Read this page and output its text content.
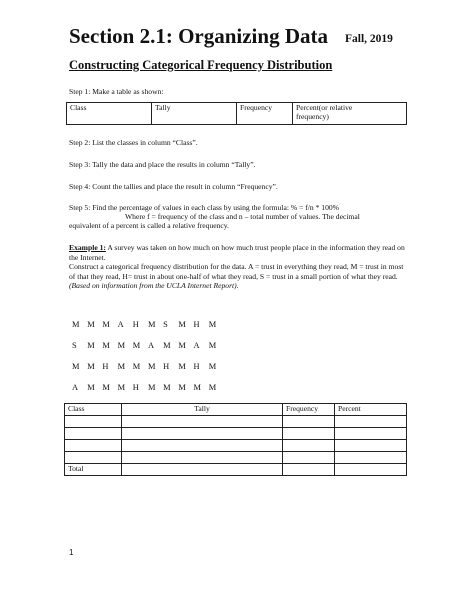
Section 2.1: Organizing Data Fall, 2019
Constructing Categorical Frequency Distribution
Step 1: Make a table as shown:
Class	Tally	Frequency	Percent(or relative
frequency)
Step 2: List the classes in column “Class”.
Step 3: Tally the data and place the results in column “Tally”.
Step 4: Count the tallies and place the result in column “Frequency”.
Step 5: Find the percentage of values in each class by using the formula: % = f/n * 100%
Where f = frequency of the class and n – total number of values. The decimal
equivalent of a percent is called a relative frequency.
Example 1: A survey was taken on how much on how much trust people place in the information they read on the Internet.
Construct a categorical frequency distribution for the data. A = trust in everything they read, M = trust in most of that they read, H= trust in about one-half of what they read, S = trust in a small portion of what they read. (Based on information from the UCLA Internet Report).
M M M A H M S M H M
S M M M M A M M A M
M M H M M M H M H M
A M M M H M M M M M
Class	Tally	Frequency	Percent

Total			
1
